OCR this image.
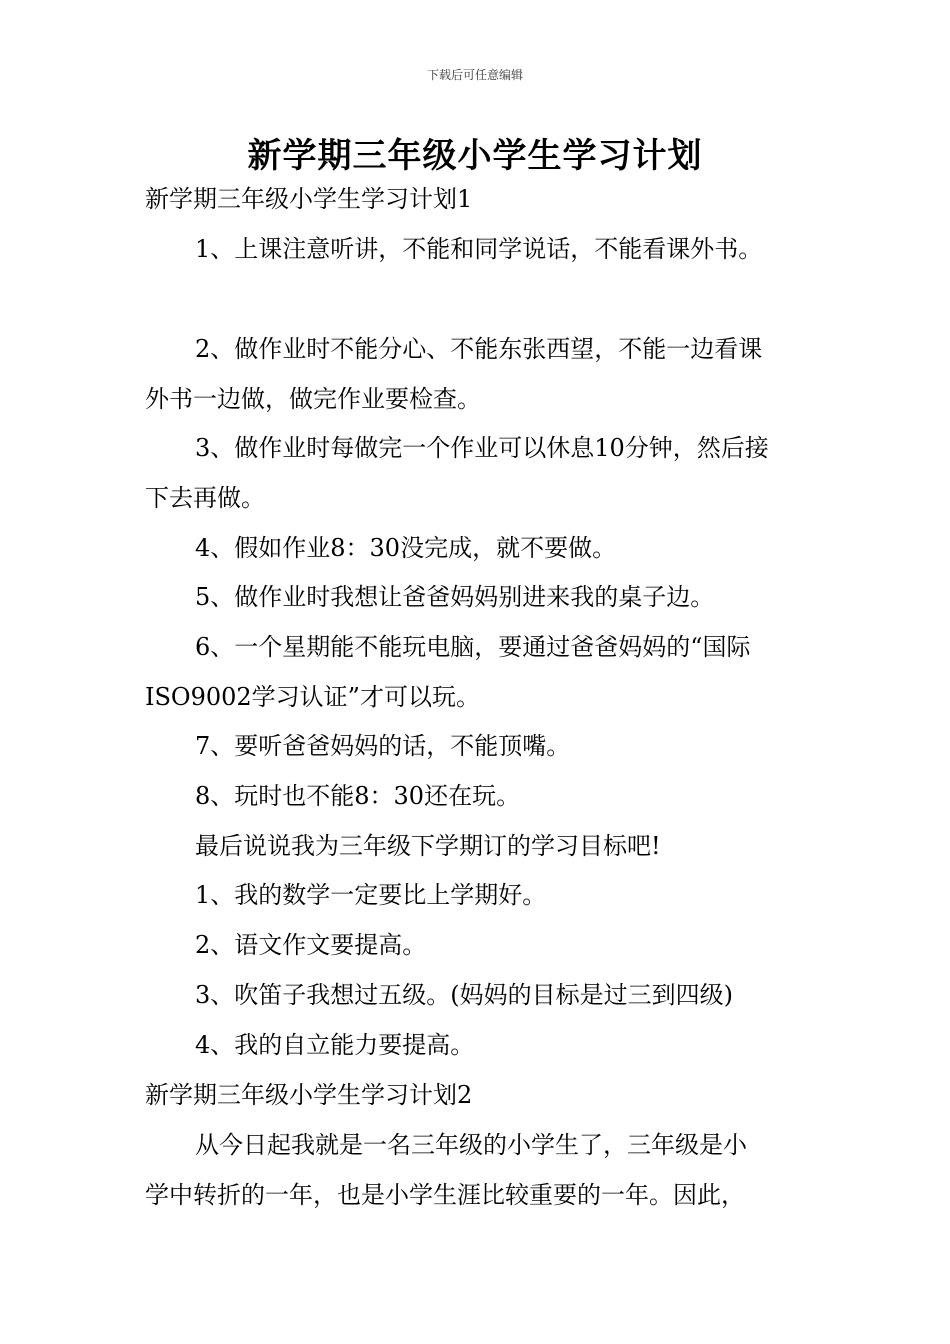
下载后可任意编辑
新学期三年级小学生学习计划
新学期三年级小学生学习计划1
1、上课注意听讲，不能和同学说话，不能看课外书。
2、做作业时不能分心、不能东张西望，不能一边看课
外书一边做，做完作业要检查。
3、做作业时每做完一个作业可以休息10分钟，然后接
下去再做。
4、假如作业8：30没完成，就不要做。
5、做作业时我想让爸爸妈妈别进来我的桌子边。
6、一个星期能不能玩电脑，要通过爸爸妈妈的“国际
ISO9002学习认证”才可以玩。
7、要听爸爸妈妈的话，不能顶嘴。
8、玩时也不能8：30还在玩。
最后说说我为三年级下学期订的学习目标吧!
1、我的数学一定要比上学期好。
2、语文作文要提高。
3、吹笛子我想过五级。(妈妈的目标是过三到四级)
4、我的自立能力要提高。
新学期三年级小学生学习计划2
从今日起我就是一名三年级的小学生了，三年级是小
学中转折的一年，也是小学生涯比较重要的一年。因此，
